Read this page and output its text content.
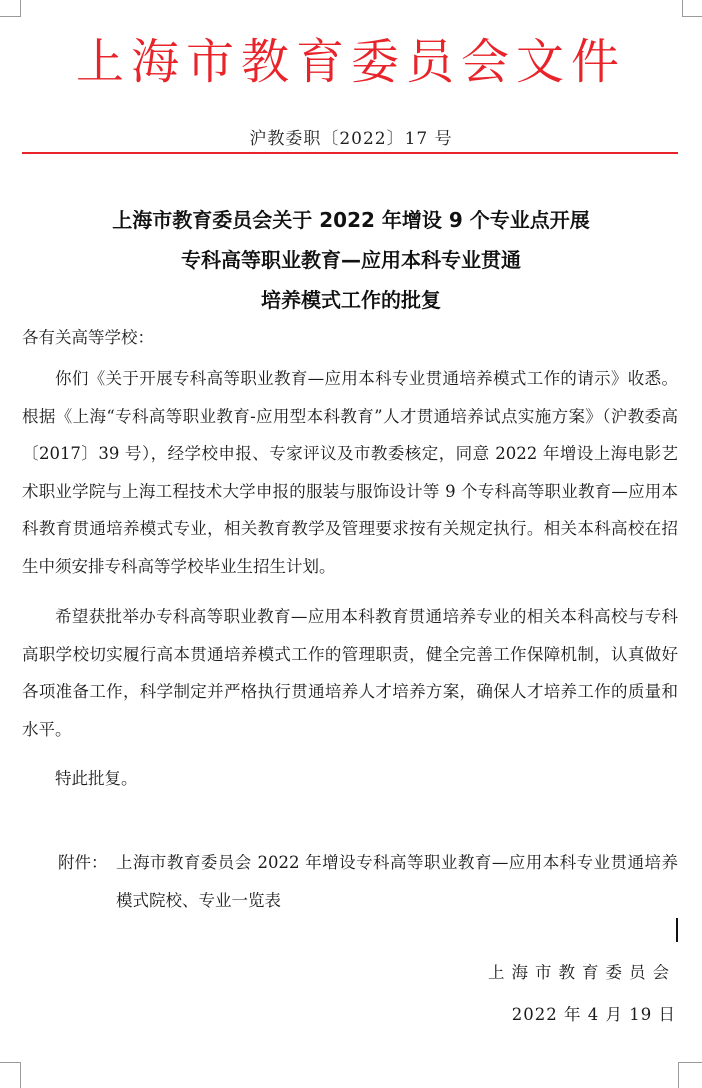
上海市教育委员会文件
沪教委职〔2022〕17 号
上海市教育委员会关于 2022 年增设 9 个专业点开展
专科高等职业教育—应用本科专业贯通
培养模式工作的批复
各有关高等学校：

你们《关于开展专科高等职业教育—应用本科专业贯通培养模式工作的请示》收悉。根据《上海“专科高等职业教育-应用型本科教育”人才贯通培养试点实施方案》（沪教委高〔2017〕39 号），经学校申报、专家评议及市教委核定，同意 2022 年增设上海电影艺术职业学院与上海工程技术大学申报的服装与服饰设计等 9 个专科高等职业教育—应用本科教育贯通培养模式专业，相关教育教学及管理要求按有关规定执行。相关本科高校在招生中须安排专科高等学校毕业生招生计划。

希望获批举办专科高等职业教育—应用本科教育贯通培养专业的相关本科高校与专科高职学校切实履行高本贯通培养模式工作的管理职责，健全完善工作保障机制，认真做好各项准备工作，科学制定并严格执行贯通培养人才培养方案，确保人才培养工作的质量和水平。

特此批复。

附件： 上海市教育委员会 2022 年增设专科高等职业教育—应用本科专业贯通培养模式院校、专业一览表
上海市教育委员会
2022 年 4 月 19 日
